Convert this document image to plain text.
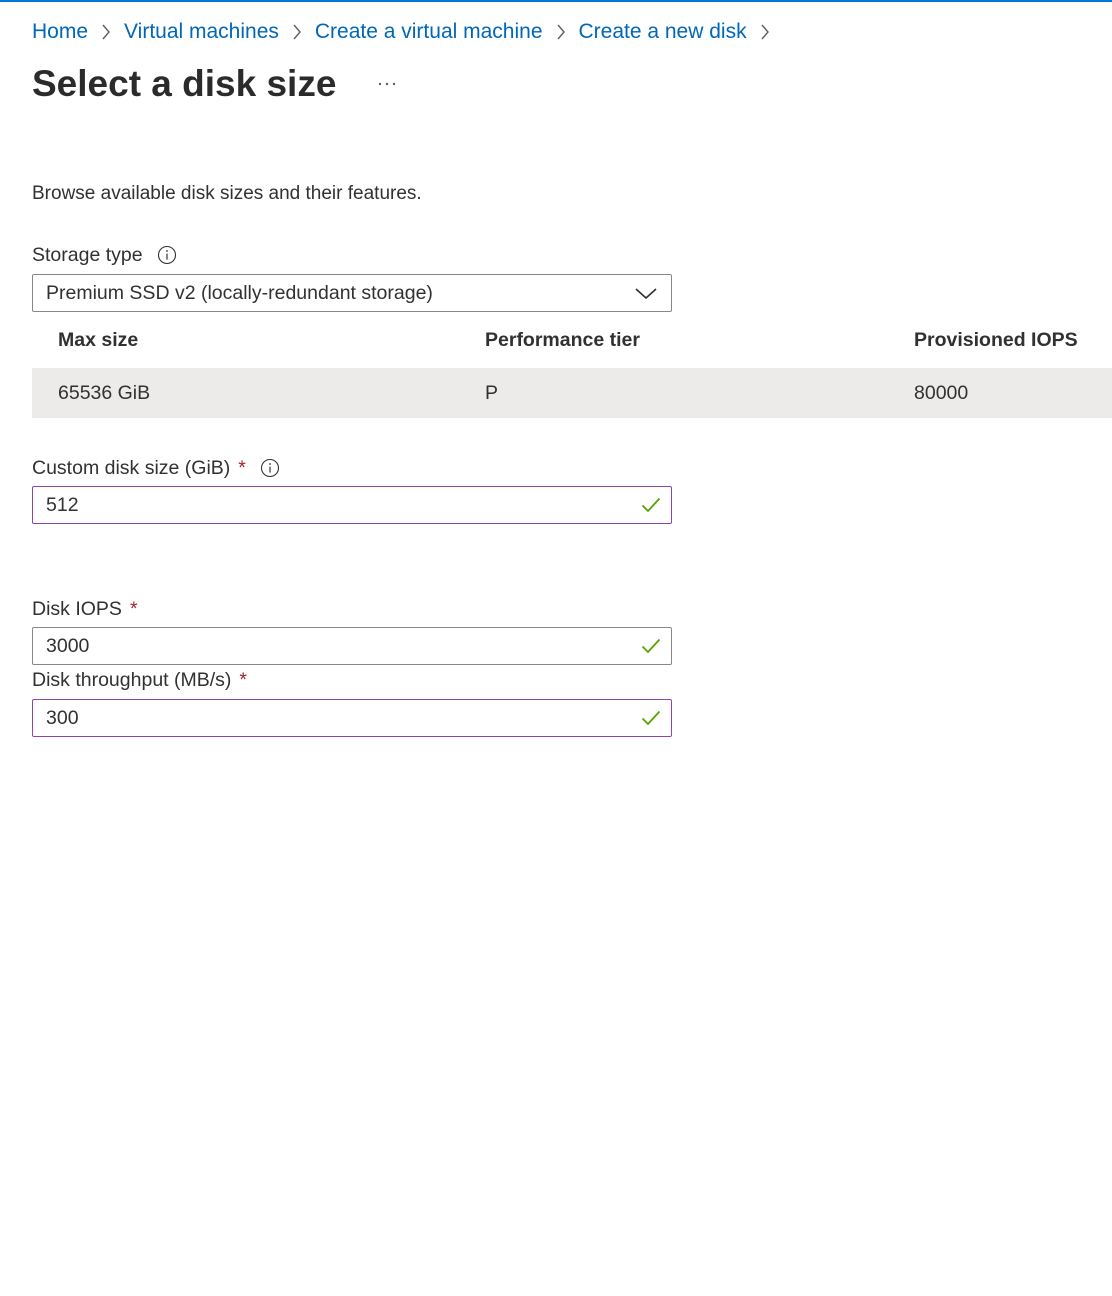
Home Virtual machines Create a virtual machine Create a new disk
Select a disk size

Browse available disk sizes and their features.

Storage type
Premium SSD v2 (locally-redundant storage)
Max size	Performance tier	Provisioned IOPS
65536 GiB	P	80000
Custom disk size (GiB) *
512
Disk IOPS *
3000
Disk throughput (MB/s) *
300
